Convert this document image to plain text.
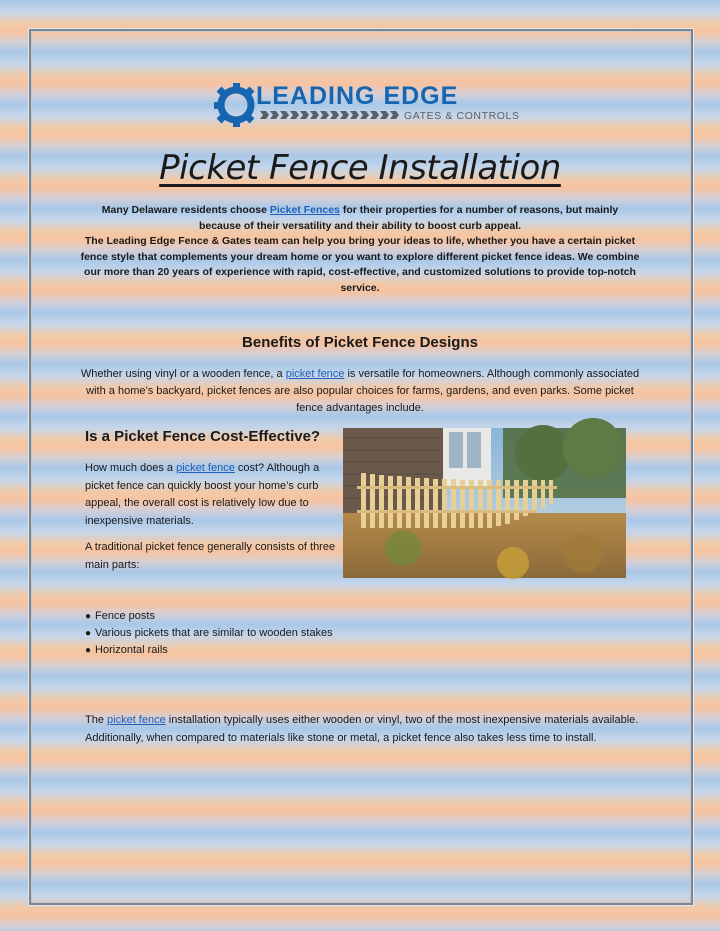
LEADING EDGE
GATES & CONTROLS
Picket Fence Installation
Many Delaware residents choose Picket Fences for their properties for a number of reasons, but mainly because of their versatility and their ability to boost curb appeal.
The Leading Edge Fence & Gates team can help you bring your ideas to life, whether you have a certain picket fence style that complements your dream home or you want to explore different picket fence ideas. We combine our more than 20 years of experience with rapid, cost-effective, and customized solutions to provide top-notch service.
Benefits of Picket Fence Designs
Whether using vinyl or a wooden fence, a picket fence is versatile for homeowners. Although commonly associated with a home’s backyard, picket fences are also popular choices for farms, gardens, and even parks. Some picket fence advantages include.
Is a Picket Fence Cost-Effective?
How much does a picket fence cost? Although a picket fence can quickly boost your home’s curb appeal, the overall cost is relatively low due to inexpensive materials.
A traditional picket fence generally consists of three main parts:
● Fence posts
● Various pickets that are similar to wooden stakes
● Horizontal rails
The picket fence installation typically uses either wooden or vinyl, two of the most inexpensive materials available. Additionally, when compared to materials like stone or metal, a picket fence also takes less time to install.
